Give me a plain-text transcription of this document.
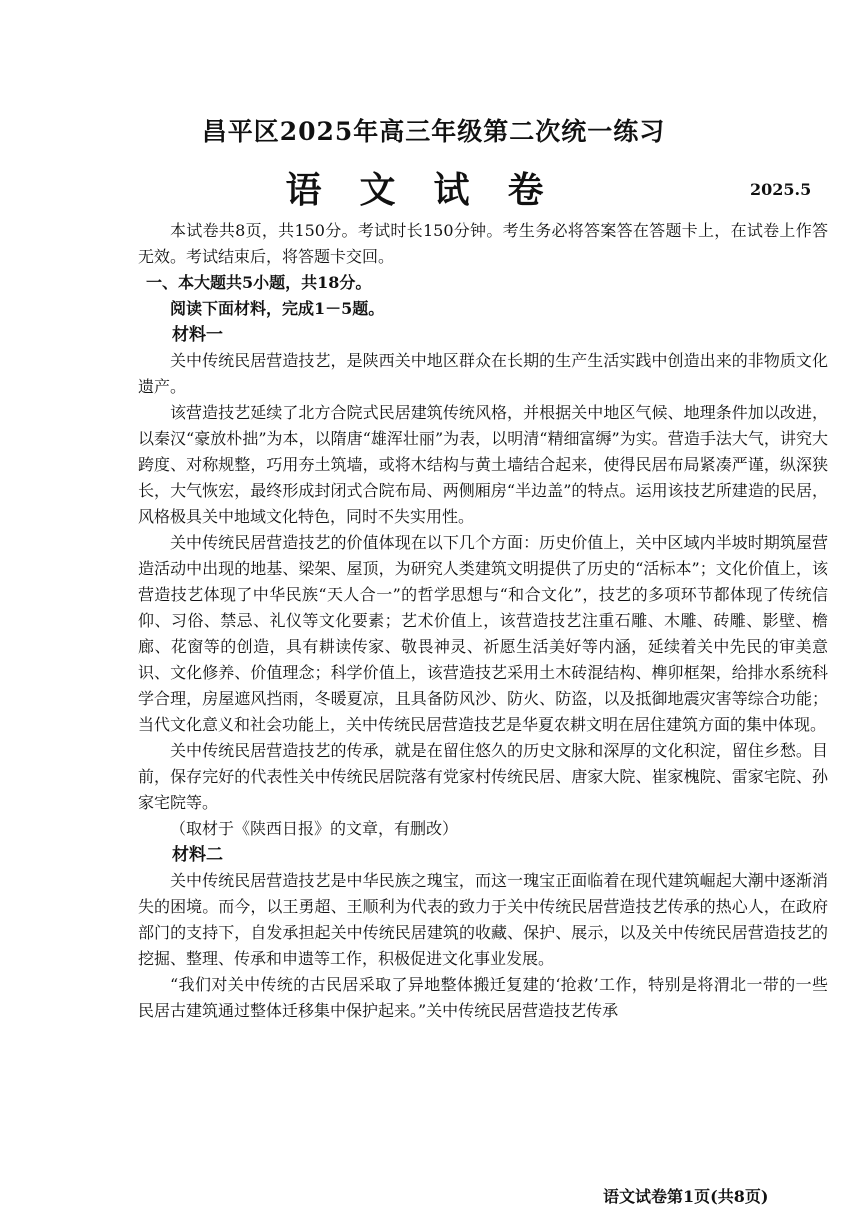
昌平区2025年高三年级第二次统一练习
语文试卷	2025.5

本试卷共8页，共150分。考试时长150分钟。考生务必将答案答在答题卡上，在试卷上作答无效。考试结束后，将答题卡交回。

一、本大题共5小题，共18分。

阅读下面材料，完成1－5题。

材料一

关中传统民居营造技艺，是陕西关中地区群众在长期的生产生活实践中创造出来的非物质文化遗产。

该营造技艺延续了北方合院式民居建筑传统风格，并根据关中地区气候、地理条件加以改进，以秦汉“豪放朴拙”为本，以隋唐“雄浑壮丽”为表，以明清“精细富缛”为实。营造手法大气，讲究大跨度、对称规整，巧用夯土筑墙，或将木结构与黄土墙结合起来，使得民居布局紧凑严谨，纵深狭长，大气恢宏，最终形成封闭式合院布局、两侧厢房“半边盖”的特点。运用该技艺所建造的民居，风格极具关中地域文化特色，同时不失实用性。

关中传统民居营造技艺的价值体现在以下几个方面：历史价值上，关中区域内半坡时期筑屋营造活动中出现的地基、梁架、屋顶，为研究人类建筑文明提供了历史的“活标本”；文化价值上，该营造技艺体现了中华民族“天人合一”的哲学思想与“和合文化”，技艺的多项环节都体现了传统信仰、习俗、禁忌、礼仪等文化要素；艺术价值上，该营造技艺注重石雕、木雕、砖雕、影壁、檐廊、花窗等的创造，具有耕读传家、敬畏神灵、祈愿生活美好等内涵，延续着关中先民的审美意识、文化修养、价值理念；科学价值上，该营造技艺采用土木砖混结构、榫卯框架，给排水系统科学合理，房屋遮风挡雨，冬暖夏凉，且具备防风沙、防火、防盗，以及抵御地震灾害等综合功能；当代文化意义和社会功能上，关中传统民居营造技艺是华夏农耕文明在居住建筑方面的集中体现。

关中传统民居营造技艺的传承，就是在留住悠久的历史文脉和深厚的文化积淀，留住乡愁。目前，保存完好的代表性关中传统民居院落有党家村传统民居、唐家大院、崔家槐院、雷家宅院、孙家宅院等。

（取材于《陕西日报》的文章，有删改）

材料二

关中传统民居营造技艺是中华民族之瑰宝，而这一瑰宝正面临着在现代建筑崛起大潮中逐渐消失的困境。而今，以王勇超、王顺利为代表的致力于关中传统民居营造技艺传承的热心人，在政府部门的支持下，自发承担起关中传统民居建筑的收藏、保护、展示，以及关中传统民居营造技艺的挖掘、整理、传承和申遗等工作，积极促进文化事业发展。

“我们对关中传统的古民居采取了异地整体搬迁复建的‘抢救’工作，特别是将渭北一带的一些民居古建筑通过整体迁移集中保护起来。”关中传统民居营造技艺传承

语文试卷第1页(共8页)
